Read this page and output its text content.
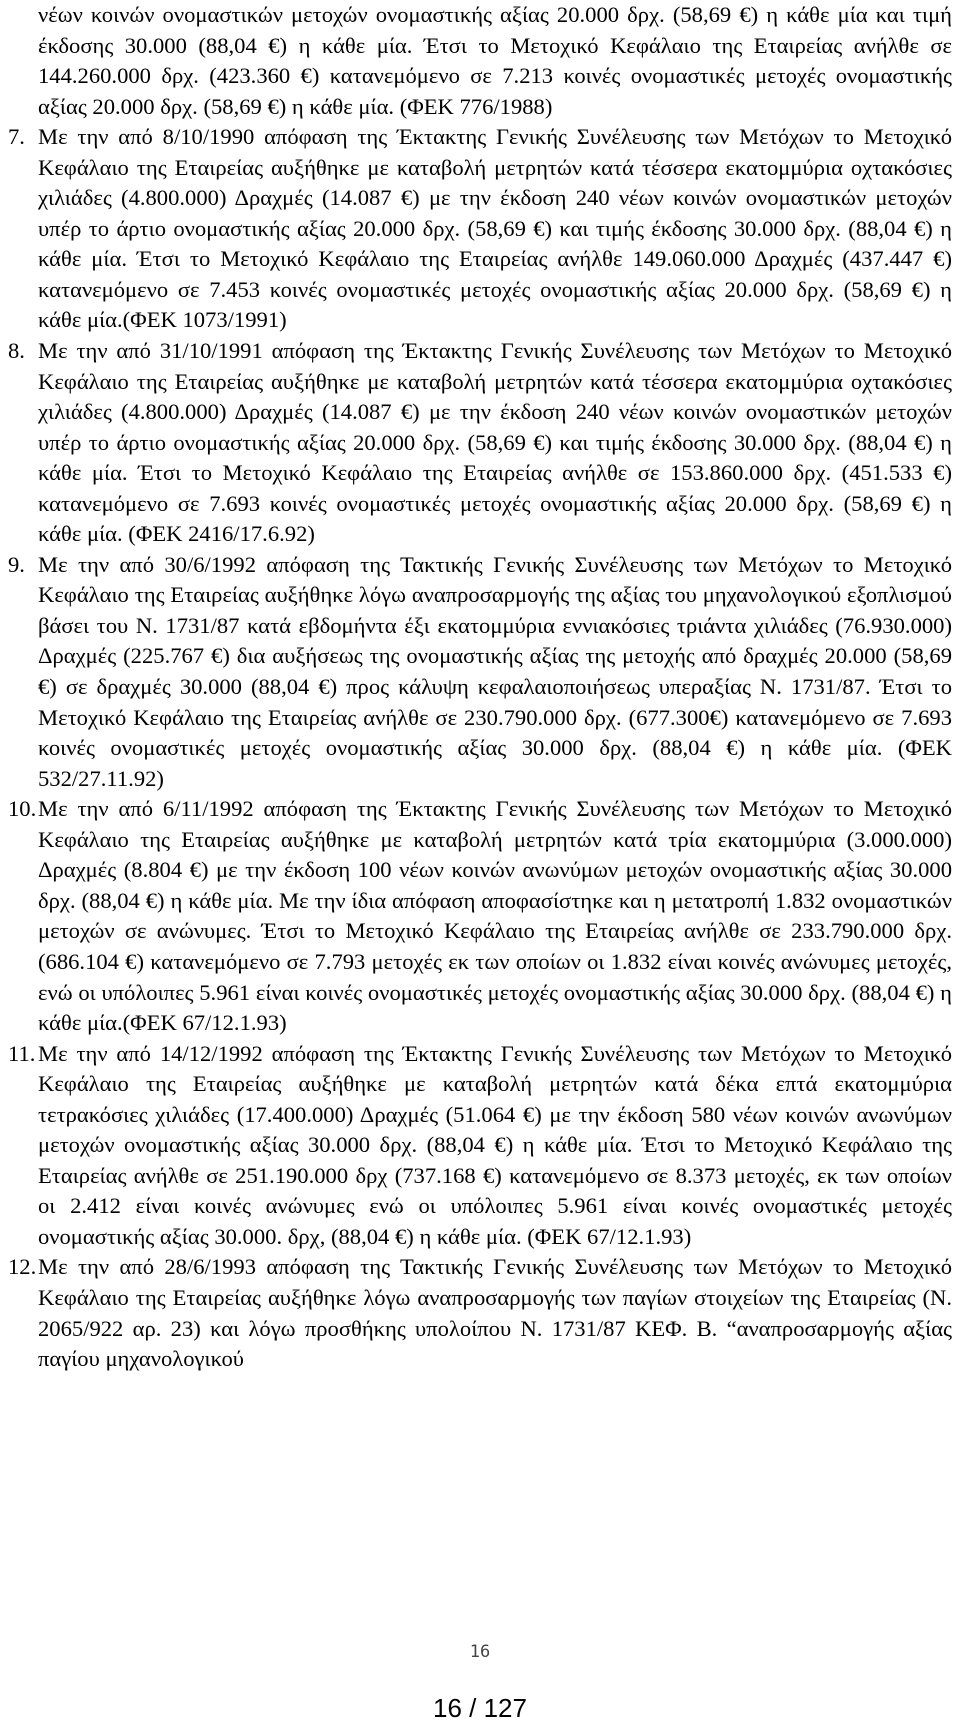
νέων κοινών ονομαστικών μετοχών ονομαστικής αξίας 20.000 δρχ. (58,69 €) η κάθε μία και τιμή έκδοσης 30.000 (88,04 €) η κάθε μία. Έτσι το Μετοχικό Κεφάλαιο της Εταιρείας ανήλθε σε 144.260.000 δρχ. (423.360 €) κατανεμόμενο σε 7.213 κοινές ονομαστικές μετοχές ονομαστικής αξίας 20.000 δρχ. (58,69 €) η κάθε μία. (ΦΕΚ 776/1988)

7. Με την από 8/10/1990 απόφαση της Έκτακτης Γενικής Συνέλευσης των Μετόχων το Μετοχικό Κεφάλαιο της Εταιρείας αυξήθηκε με καταβολή μετρητών κατά τέσσερα εκατομμύρια οχτακόσιες χιλιάδες (4.800.000) Δραχμές (14.087 €) με την έκδοση 240 νέων κοινών ονομαστικών μετοχών υπέρ το άρτιο ονομαστικής αξίας 20.000 δρχ. (58,69 €) και τιμής έκδοσης 30.000 δρχ. (88,04 €) η κάθε μία. Έτσι το Μετοχικό Κεφάλαιο της Εταιρείας ανήλθε 149.060.000 Δραχμές (437.447 €) κατανεμόμενο σε 7.453 κοινές ονομαστικές μετοχές ονομαστικής αξίας 20.000 δρχ. (58,69 €) η κάθε μία.(ΦΕΚ 1073/1991)
8. Με την από 31/10/1991 απόφαση της Έκτακτης Γενικής Συνέλευσης των Μετόχων το Μετοχικό Κεφάλαιο της Εταιρείας αυξήθηκε με καταβολή μετρητών κατά τέσσερα εκατομμύρια οχτακόσιες χιλιάδες (4.800.000) Δραχμές (14.087 €) με την έκδοση 240 νέων κοινών ονομαστικών μετοχών υπέρ το άρτιο ονομαστικής αξίας 20.000 δρχ. (58,69 €) και τιμής έκδοσης 30.000 δρχ. (88,04 €) η κάθε μία. Έτσι το Μετοχικό Κεφάλαιο της Εταιρείας ανήλθε σε 153.860.000 δρχ. (451.533 €) κατανεμόμενο σε 7.693 κοινές ονομαστικές μετοχές ονομαστικής αξίας 20.000 δρχ. (58,69 €) η κάθε μία. (ΦΕΚ 2416/17.6.92)
9. Με την από 30/6/1992 απόφαση της Τακτικής Γενικής Συνέλευσης των Μετόχων το Μετοχικό Κεφάλαιο της Εταιρείας αυξήθηκε λόγω αναπροσαρμογής της αξίας του μηχανολογικού εξοπλισμού βάσει του Ν. 1731/87 κατά εβδομήντα έξι εκατομμύρια εννιακόσιες τριάντα χιλιάδες (76.930.000) Δραχμές (225.767 €) δια αυξήσεως της ονομαστικής αξίας της μετοχής από δραχμές 20.000 (58,69 €) σε δραχμές 30.000 (88,04 €) προς κάλυψη κεφαλαιοποιήσεως υπεραξίας Ν. 1731/87. Έτσι το Μετοχικό Κεφάλαιο της Εταιρείας ανήλθε σε 230.790.000 δρχ. (677.300€) κατανεμόμενο σε 7.693 κοινές ονομαστικές μετοχές ονομαστικής αξίας 30.000 δρχ. (88,04 €) η κάθε μία. (ΦΕΚ 532/27.11.92)
10. Με την από 6/11/1992 απόφαση της Έκτακτης Γενικής Συνέλευσης των Μετόχων το Μετοχικό Κεφάλαιο της Εταιρείας αυξήθηκε με καταβολή μετρητών κατά τρία εκατομμύρια (3.000.000) Δραχμές (8.804 €) με την έκδοση 100 νέων κοινών ανωνύμων μετοχών ονομαστικής αξίας 30.000 δρχ. (88,04 €) η κάθε μία. Με την ίδια απόφαση αποφασίστηκε και η μετατροπή 1.832 ονομαστικών μετοχών σε ανώνυμες. Έτσι το Μετοχικό Κεφάλαιο της Εταιρείας ανήλθε σε 233.790.000 δρχ. (686.104 €) κατανεμόμενο σε 7.793 μετοχές εκ των οποίων οι 1.832 είναι κοινές ανώνυμες μετοχές, ενώ οι υπόλοιπες 5.961 είναι κοινές ονομαστικές μετοχές ονομαστικής αξίας 30.000 δρχ. (88,04 €) η κάθε μία.(ΦΕΚ 67/12.1.93)
11. Με την από 14/12/1992 απόφαση της Έκτακτης Γενικής Συνέλευσης των Μετόχων το Μετοχικό Κεφάλαιο της Εταιρείας αυξήθηκε με καταβολή μετρητών κατά δέκα επτά εκατομμύρια τετρακόσιες χιλιάδες (17.400.000) Δραχμές (51.064 €) με την έκδοση 580 νέων κοινών ανωνύμων μετοχών ονομαστικής αξίας 30.000 δρχ. (88,04 €) η κάθε μία. Έτσι το Μετοχικό Κεφάλαιο της Εταιρείας ανήλθε σε 251.190.000 δρχ (737.168 €) κατανεμόμενο σε 8.373 μετοχές, εκ των οποίων οι 2.412 είναι κοινές ανώνυμες ενώ οι υπόλοιπες 5.961 είναι κοινές ονομαστικές μετοχές ονομαστικής αξίας 30.000. δρχ, (88,04 €) η κάθε μία. (ΦΕΚ 67/12.1.93)
12. Με την από 28/6/1993 απόφαση της Τακτικής Γενικής Συνέλευσης των Μετόχων το Μετοχικό Κεφάλαιο της Εταιρείας αυξήθηκε λόγω αναπροσαρμογής των παγίων στοιχείων της Εταιρείας (Ν. 2065/922 αρ. 23) και λόγω προσθήκης υπολοίπου Ν. 1731/87 ΚΕΦ. Β. “αναπροσαρμογής αξίας παγίου μηχανολογικού
16
16 / 127
